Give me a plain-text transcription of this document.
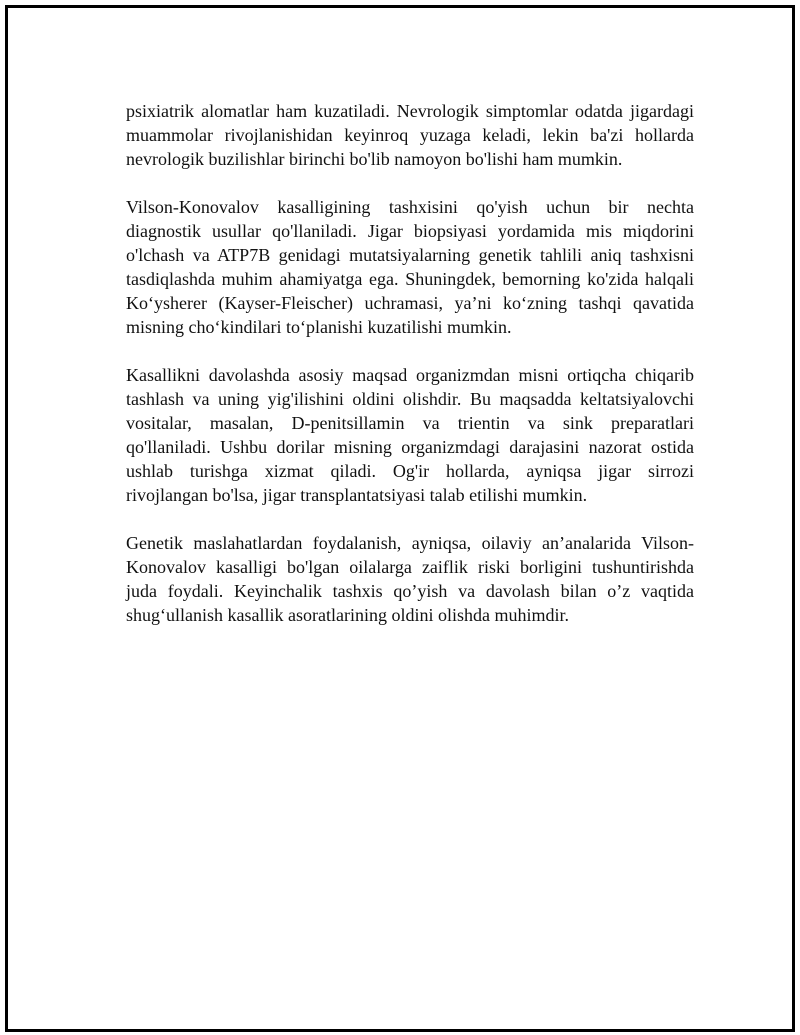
psixiatrik alomatlar ham kuzatiladi. Nevrologik simptomlar odatda jigardagi
muammolar rivojlanishidan keyinroq yuzaga keladi, lekin ba'zi hollarda
nevrologik buzilishlar birinchi bo'lib namoyon bo'lishi ham mumkin.

Vilson-Konovalov kasalligining tashxisini qo'yish uchun bir nechta
diagnostik usullar qo'llaniladi. Jigar biopsiyasi yordamida mis miqdorini
o'lchash va ATP7B genidagi mutatsiyalarning genetik tahlili aniq tashxisni
tasdiqlashda muhim ahamiyatga ega. Shuningdek, bemorning ko'zida halqali
Ko‘ysherer (Kayser-Fleischer) uchramasi, ya’ni ko‘zning tashqi qavatida
misning cho‘kindilari to‘planishi kuzatilishi mumkin.

Kasallikni davolashda asosiy maqsad organizmdan misni ortiqcha chiqarib
tashlash va uning yig'ilishini oldini olishdir. Bu maqsadda keltatsiyalovchi
vositalar, masalan, D-penitsillamin va trientin va sink preparatlari
qo'llaniladi. Ushbu dorilar misning organizmdagi darajasini nazorat ostida
ushlab turishga xizmat qiladi. Og'ir hollarda, ayniqsa jigar sirrozi
rivojlangan bo'lsa, jigar transplantatsiyasi talab etilishi mumkin.

Genetik maslahatlardan foydalanish, ayniqsa, oilaviy an’analarida Vilson-
Konovalov kasalligi bo'lgan oilalarga zaiflik riski borligini tushuntirishda
juda foydali. Keyinchalik tashxis qo’yish va davolash bilan o’z vaqtida
shug‘ullanish kasallik asoratlarining oldini olishda muhimdir.
